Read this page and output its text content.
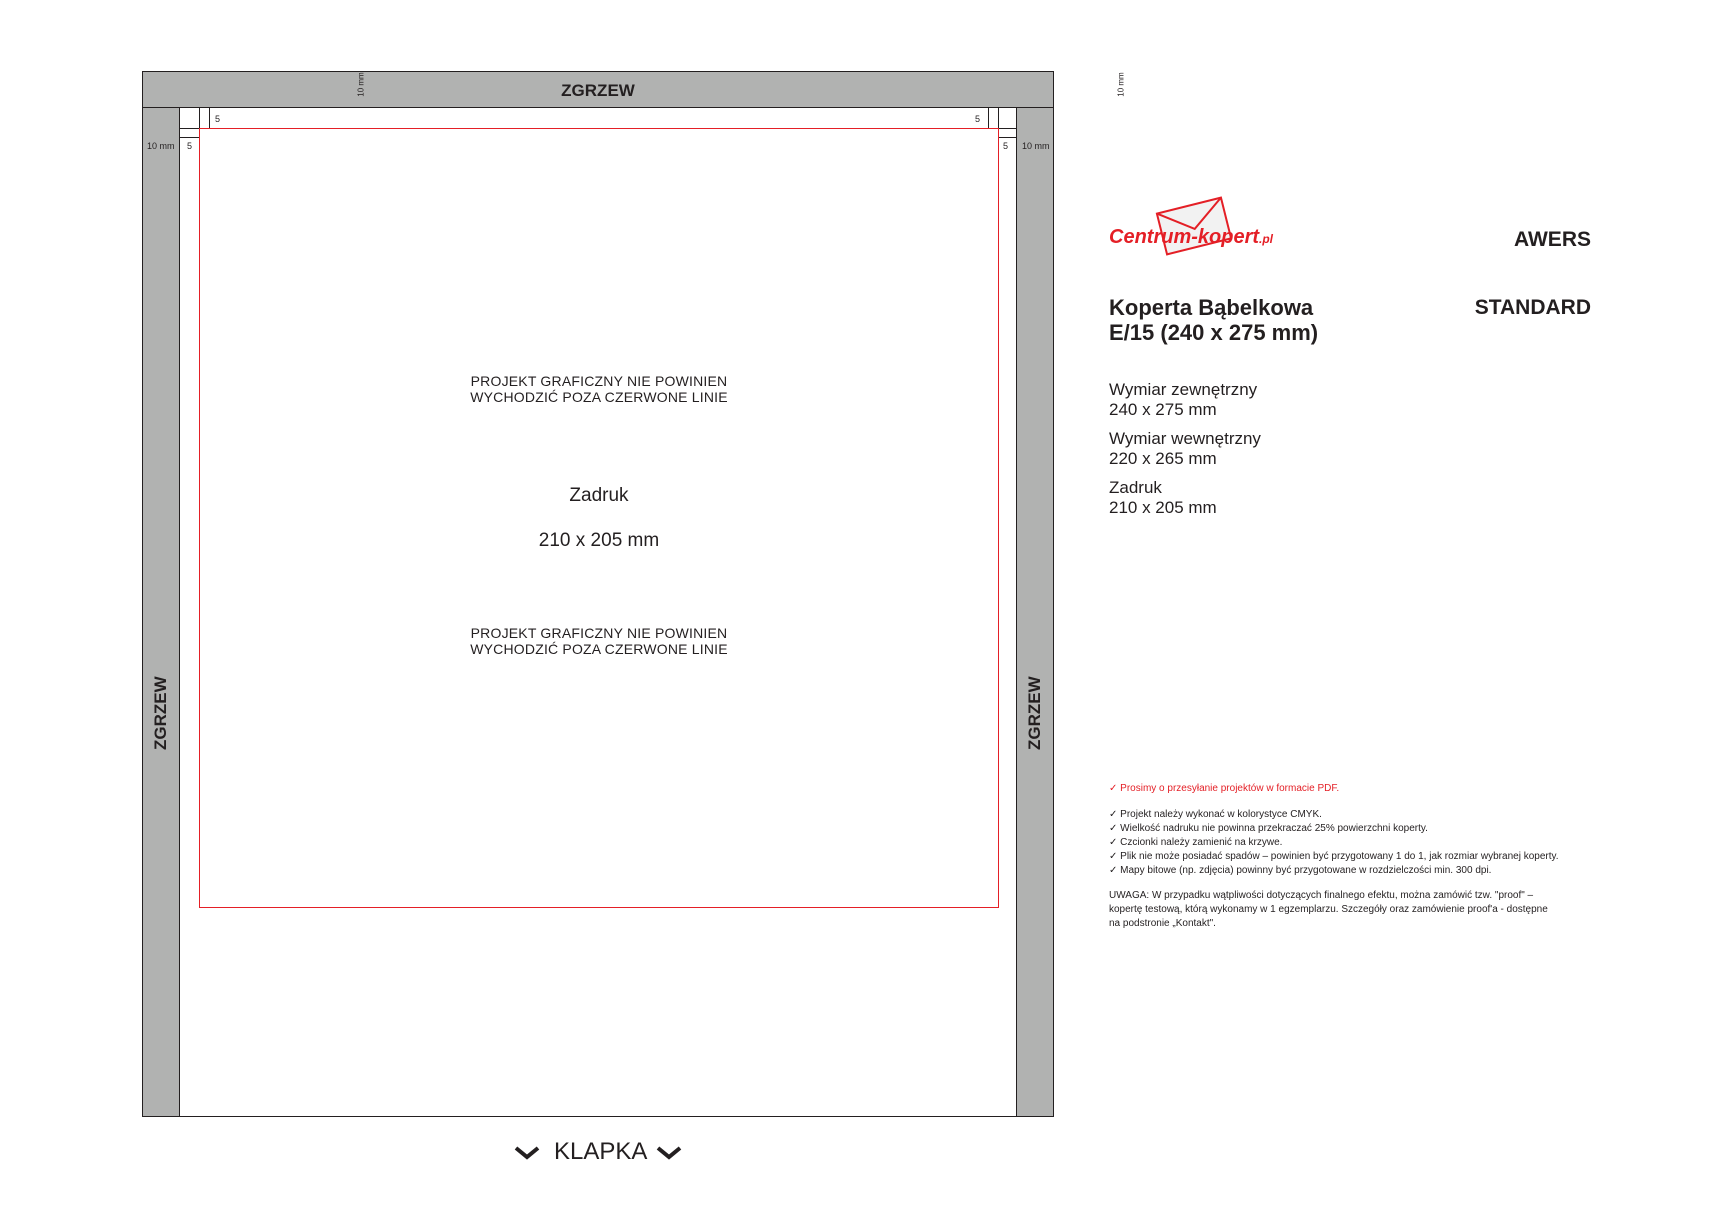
ZGRZEW
10 mm	10 mm
ZGRZEW	ZGRZEW
5	5
5	5
10 mm	10 mm
PROJEKT GRAFICZNY NIE POWINIEN
WYCHODZIĆ POZA CZERWONE LINIE
Zadruk
210 x 205 mm
PROJEKT GRAFICZNY NIE POWINIEN
WYCHODZIĆ POZA CZERWONE LINIE
KLAPKA
Centrum-kopert.pl	AWERS
STANDARD
Koperta Bąbelkowa
E/15 (240 x 275 mm)
Wymiar zewnętrzny
240 x 275 mm
Wymiar wewnętrzny
220 x 265 mm
Zadruk
210 x 205 mm
✓ Prosimy o przesyłanie projektów w formacie PDF.
✓ Projekt należy wykonać w kolorystyce CMYK.
✓ Wielkość nadruku nie powinna przekraczać 25% powierzchni koperty.
✓ Czcionki należy zamienić na krzywe.
✓ Plik nie może posiadać spadów – powinien być przygotowany 1 do 1, jak rozmiar wybranej koperty.
✓ Mapy bitowe (np. zdjęcia) powinny być przygotowane w rozdzielczości min. 300 dpi.
UWAGA: W przypadku wątpliwości dotyczących finalnego efektu, można zamówić tzw. "proof" –
kopertę testową, którą wykonamy w 1 egzemplarzu. Szczegóły oraz zamówienie proof'a - dostępne
na podstronie „Kontakt".
